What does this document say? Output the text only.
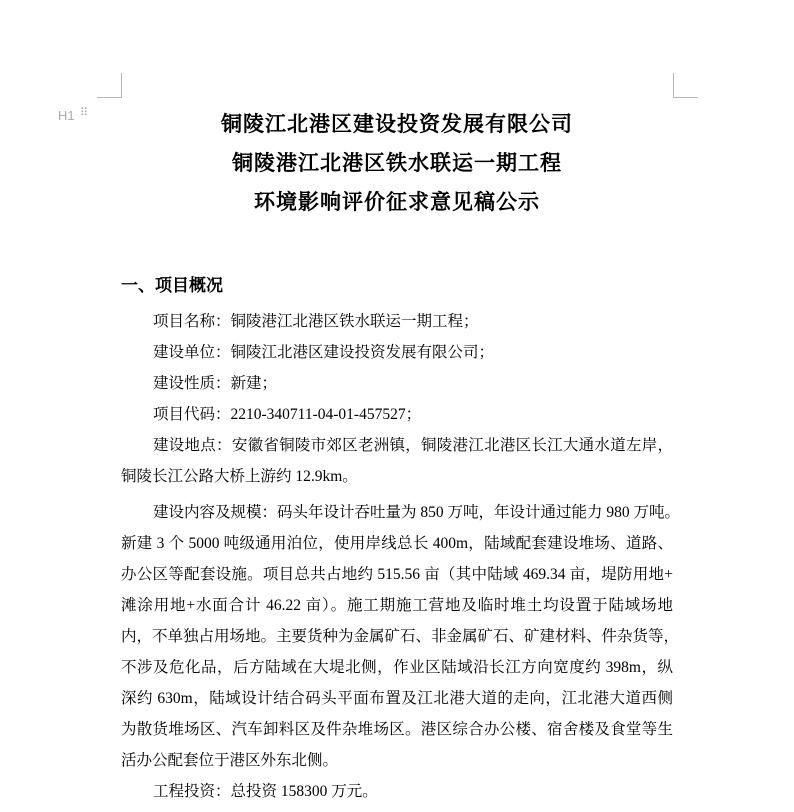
H1 ⠿	铜陵江北港区建设投资发展有限公司
铜陵港江北港区铁水联运一期工程
环境影响评价征求意见稿公示
一、项目概况
项目名称：铜陵港江北港区铁水联运一期工程；
建设单位：铜陵江北港区建设投资发展有限公司；
建设性质：新建；
项目代码：2210-340711-04-01-457527；
建设地点：安徽省铜陵市郊区老洲镇，铜陵港江北港区长江大通水道左岸，
铜陵长江公路大桥上游约 12.9km。
建设内容及规模：码头年设计吞吐量为 850 万吨，年设计通过能力 980 万吨。
新建 3 个 5000 吨级通用泊位，使用岸线总长 400m，陆域配套建设堆场、道路、
办公区等配套设施。项目总共占地约 515.56 亩（其中陆域 469.34 亩，堤防用地+
滩涂用地+水面合计 46.22 亩）。施工期施工营地及临时堆土均设置于陆域场地
内，不单独占用场地。主要货种为金属矿石、非金属矿石、矿建材料、件杂货等，
不涉及危化品，后方陆域在大堤北侧，作业区陆域沿长江方向宽度约 398m，纵
深约 630m，陆域设计结合码头平面布置及江北港大道的走向，江北港大道西侧
为散货堆场区、汽车卸料区及件杂堆场区。港区综合办公楼、宿舍楼及食堂等生
活办公配套位于港区外东北侧。
工程投资：总投资 158300 万元。
